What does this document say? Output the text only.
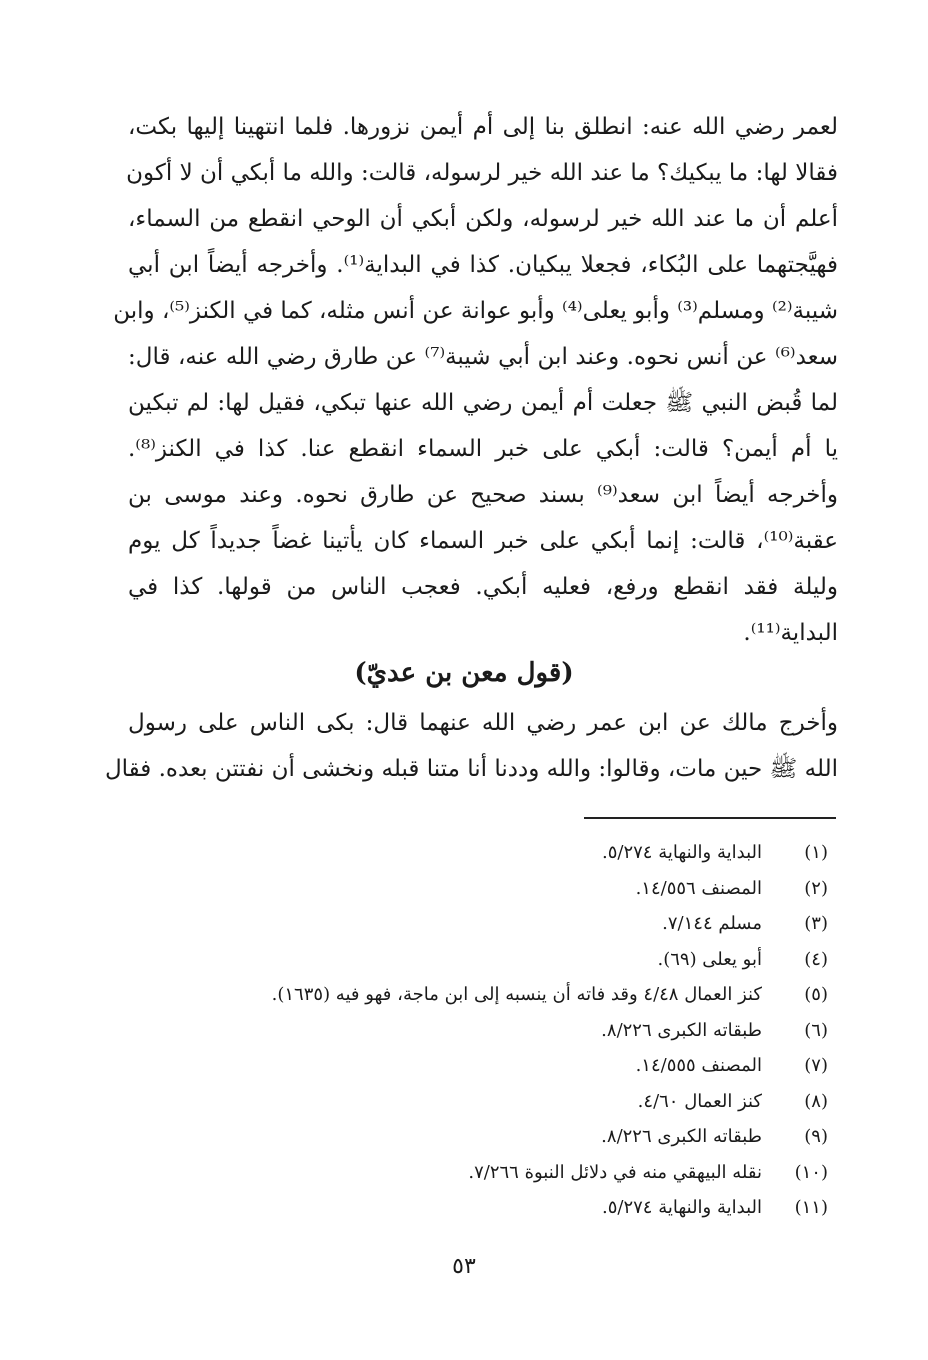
لعمر رضي الله عنه: انطلق بنا إلى أم أيمن نزورها. فلما انتهينا إليها بكت،
فقالا لها: ما يبكيك؟ ما عند الله خير لرسوله، قالت: والله ما أبكي أن لا أكون
أعلم أن ما عند الله خير لرسوله، ولكن أبكي أن الوحي انقطع من السماء،
فهيَّجتهما على البُكاء، فجعلا يبكيان. كذا في البداية⁽¹⁾. وأخرجه أيضاً ابن أبي
شيبة⁽²⁾ ومسلم⁽³⁾ وأبو يعلى⁽⁴⁾ وأبو عوانة عن أنس مثله، كما في الكنز⁽⁵⁾، وابن
سعد⁽⁶⁾ عن أنس نحوه. وعند ابن أبي شيبة⁽⁷⁾ عن طارق رضي الله عنه، قال:
لما قُبض النبي ﷺ جعلت أم أيمن رضي الله عنها تبكي، فقيل لها: لم تبكين
يا أم أيمن؟ قالت: أبكي على خبر السماء انقطع عنا. كذا في الكنز⁽⁸⁾.
وأخرجه أيضاً ابن سعد⁽⁹⁾ بسند صحيح عن طارق نحوه. وعند موسى بن
عقبة⁽¹⁰⁾، قالت: إنما أبكي على خبر السماء كان يأتينا غضاً جديداً كل يوم
وليلة فقد انقطع ورفع، فعليه أبكي. فعجب الناس من قولها. كذا في
البداية⁽¹¹⁾.
(قول معن بن عديّ)
وأخرج مالك عن ابن عمر رضي الله عنهما قال: بكى الناس على رسول
الله ﷺ حين مات، وقالوا: والله وددنا أنا متنا قبله ونخشى أن نفتتن بعده. فقال
(١)
البداية والنهاية ٥/٢٧٤.
(٢)
المصنف ١٤/٥٥٦.
(٣)
مسلم ٧/١٤٤.
(٤)
أبو يعلى (٦٩).
(٥)
كنز العمال ٤/٤٨ وقد فاته أن ينسبه إلى ابن ماجة، فهو فيه (١٦٣٥).
(٦)
طبقاته الكبرى ٨/٢٢٦.
(٧)
المصنف ١٤/٥٥٥.
(٨)
كنز العمال ٤/٦٠.
(٩)
طبقاته الكبرى ٨/٢٢٦.
(١٠)
نقله البيهقي منه في دلائل النبوة ٧/٢٦٦.
(١١)
البداية والنهاية ٥/٢٧٤.
٥٣
